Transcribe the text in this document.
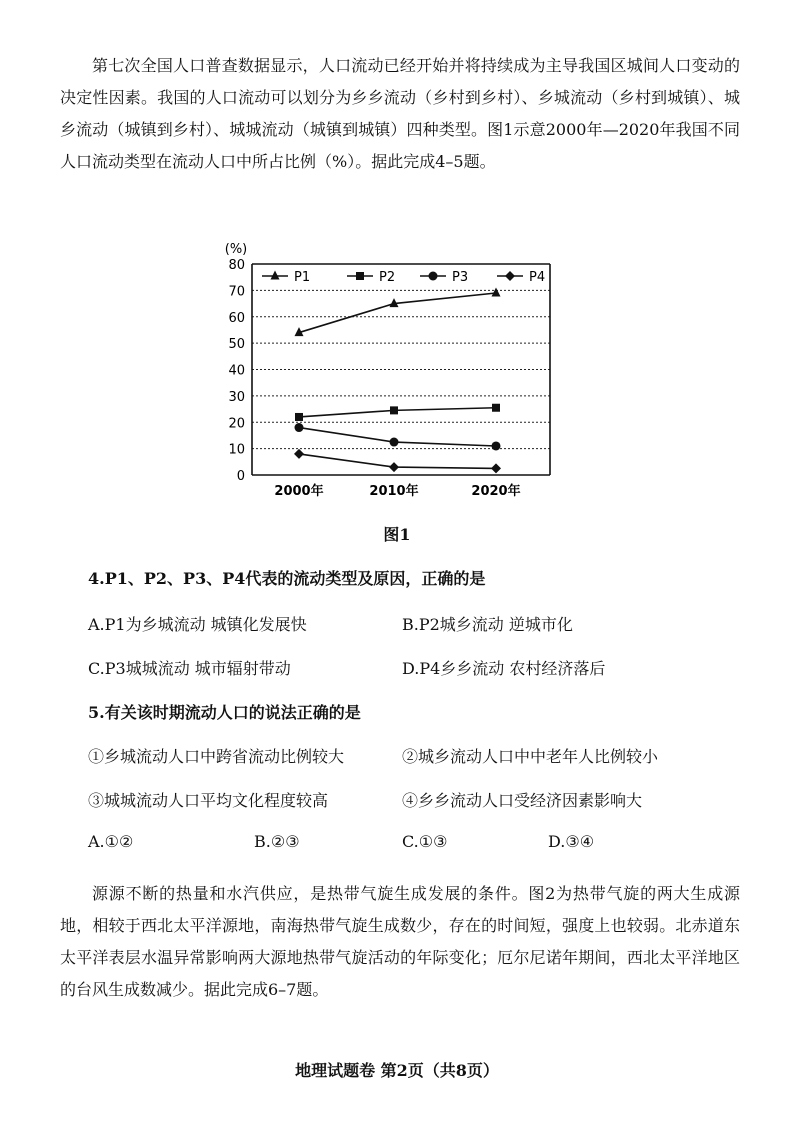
第七次全国人口普查数据显示，人口流动已经开始并将持续成为主导我国区城间人口变动的决定性因素。我国的人口流动可以划分为乡乡流动（乡村到乡村）、乡城流动（乡村到城镇）、城乡流动（城镇到乡村）、城城流动（城镇到城镇）四种类型。图1示意2000年—2020年我国不同人口流动类型在流动人口中所占比例（%）。据此完成4–5题。
(%)
0
10
20
30
40
50
60
70
80
2000年	2010年	2020年
P1	P2	P3	P4
图1
4.P1、P2、P3、P4代表的流动类型及原因，正确的是
A.P1为乡城流动 城镇化发展快	B.P2城乡流动 逆城市化
C.P3城城流动 城市辐射带动	D.P4乡乡流动 农村经济落后
5.有关该时期流动人口的说法正确的是
①乡城流动人口中跨省流动比例较大	②城乡流动人口中中老年人比例较小
③城城流动人口平均文化程度较高	④乡乡流动人口受经济因素影响大
A.①②	B.②③	C.①③	D.③④
源源不断的热量和水汽供应，是热带气旋生成发展的条件。图2为热带气旋的两大生成源地，相较于西北太平洋源地，南海热带气旋生成数少，存在的时间短，强度上也较弱。北赤道东太平洋表层水温异常影响两大源地热带气旋活动的年际变化；厄尔尼诺年期间，西北太平洋地区的台风生成数减少。据此完成6–7题。
地理试题卷 第2页（共8页）
